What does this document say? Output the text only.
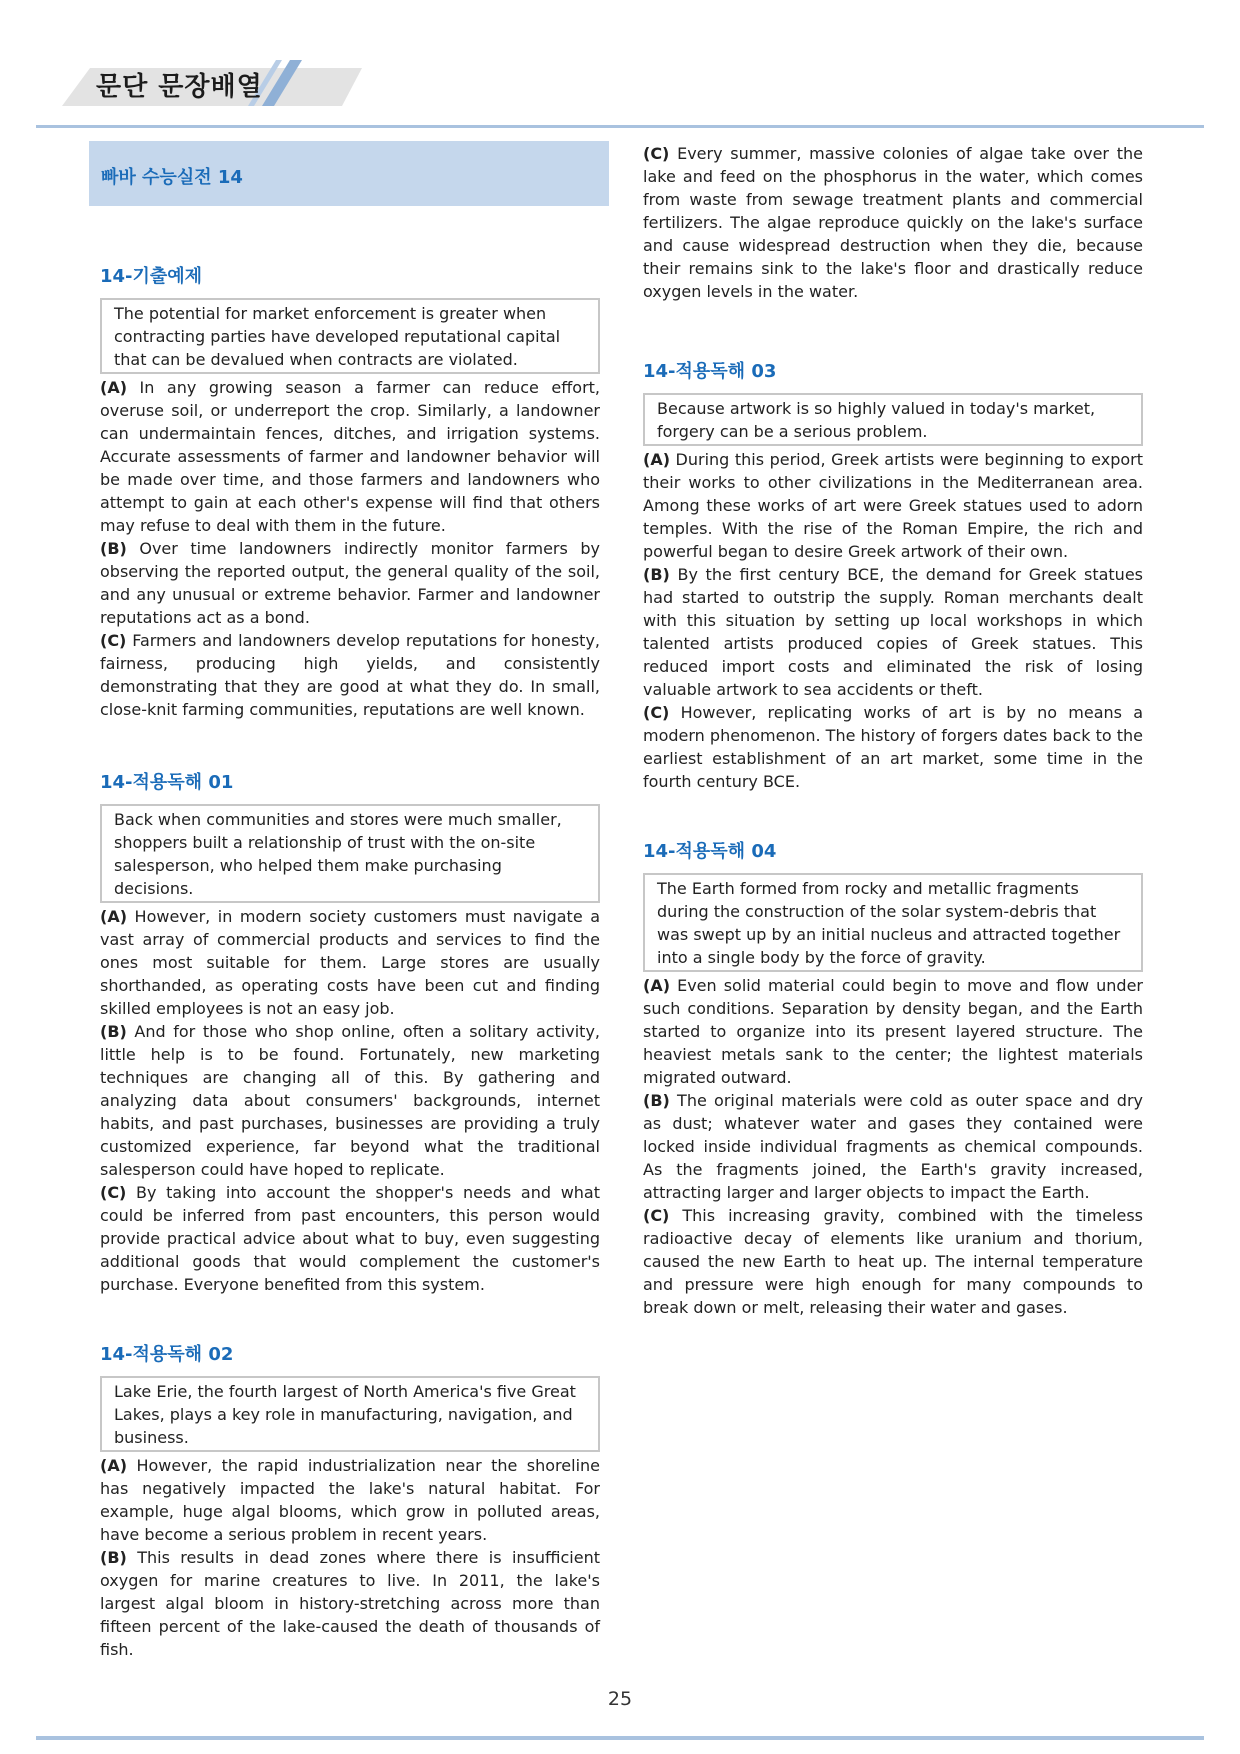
문단 문장배열
빠바 수능실전 14
14-기출예제
The potential for market enforcement is greater when contracting parties have developed reputational capital that can be devalued when contracts are violated.

(A) In any growing season a farmer can reduce effort, overuse soil, or underreport the crop. Similarly, a landowner can undermaintain fences, ditches, and irrigation systems. Accurate assessments of farmer and landowner behavior will be made over time, and those farmers and landowners who attempt to gain at each other's expense will find that others may refuse to deal with them in the future.

(B) Over time landowners indirectly monitor farmers by observing the reported output, the general quality of the soil, and any unusual or extreme behavior. Farmer and landowner reputations act as a bond.

(C) Farmers and landowners develop reputations for honesty, fairness, producing high yields, and consistently demonstrating that they are good at what they do. In small, close-knit farming communities, reputations are well known.

14-적용독해 01
Back when communities and stores were much smaller, shoppers built a relationship of trust with the on-site salesperson, who helped them make purchasing decisions.

(A) However, in modern society customers must navigate a vast array of commercial products and services to find the ones most suitable for them. Large stores are usually shorthanded, as operating costs have been cut and finding skilled employees is not an easy job.

(B) And for those who shop online, often a solitary activity, little help is to be found. Fortunately, new marketing techniques are changing all of this. By gathering and analyzing data about consumers' backgrounds, internet habits, and past purchases, businesses are providing a truly customized experience, far beyond what the traditional salesperson could have hoped to replicate.

(C) By taking into account the shopper's needs and what could be inferred from past encounters, this person would provide practical advice about what to buy, even suggesting additional goods that would complement the customer's purchase. Everyone benefited from this system.

14-적용독해 02
Lake Erie, the fourth largest of North America's five Great Lakes, plays a key role in manufacturing, navigation, and business.

(A) However, the rapid industrialization near the shoreline has negatively impacted the lake's natural habitat. For example, huge algal blooms, which grow in polluted areas, have become a serious problem in recent years.

(B) This results in dead zones where there is insufficient oxygen for marine creatures to live. In 2011, the lake's largest algal bloom in history-stretching across more than fifteen percent of the lake-caused the death of thousands of fish.

(C) Every summer, massive colonies of algae take over the lake and feed on the phosphorus in the water, which comes from waste from sewage treatment plants and commercial fertilizers. The algae reproduce quickly on the lake's surface and cause widespread destruction when they die, because their remains sink to the lake's floor and drastically reduce oxygen levels in the water.

14-적용독해 03
Because artwork is so highly valued in today's market, forgery can be a serious problem.

(A) During this period, Greek artists were beginning to export their works to other civilizations in the Mediterranean area. Among these works of art were Greek statues used to adorn temples. With the rise of the Roman Empire, the rich and powerful began to desire Greek artwork of their own.

(B) By the first century BCE, the demand for Greek statues had started to outstrip the supply. Roman merchants dealt with this situation by setting up local workshops in which talented artists produced copies of Greek statues. This reduced import costs and eliminated the risk of losing valuable artwork to sea accidents or theft.

(C) However, replicating works of art is by no means a modern phenomenon. The history of forgers dates back to the earliest establishment of an art market, some time in the fourth century BCE.

14-적용독해 04
The Earth formed from rocky and metallic fragments during the construction of the solar system-debris that was swept up by an initial nucleus and attracted together into a single body by the force of gravity.

(A) Even solid material could begin to move and flow under such conditions. Separation by density began, and the Earth started to organize into its present layered structure. The heaviest metals sank to the center; the lightest materials migrated outward.

(B) The original materials were cold as outer space and dry as dust; whatever water and gases they contained were locked inside individual fragments as chemical compounds. As the fragments joined, the Earth's gravity increased, attracting larger and larger objects to impact the Earth.

(C) This increasing gravity, combined with the timeless radioactive decay of elements like uranium and thorium, caused the new Earth to heat up. The internal temperature and pressure were high enough for many compounds to break down or melt, releasing their water and gases.

25
